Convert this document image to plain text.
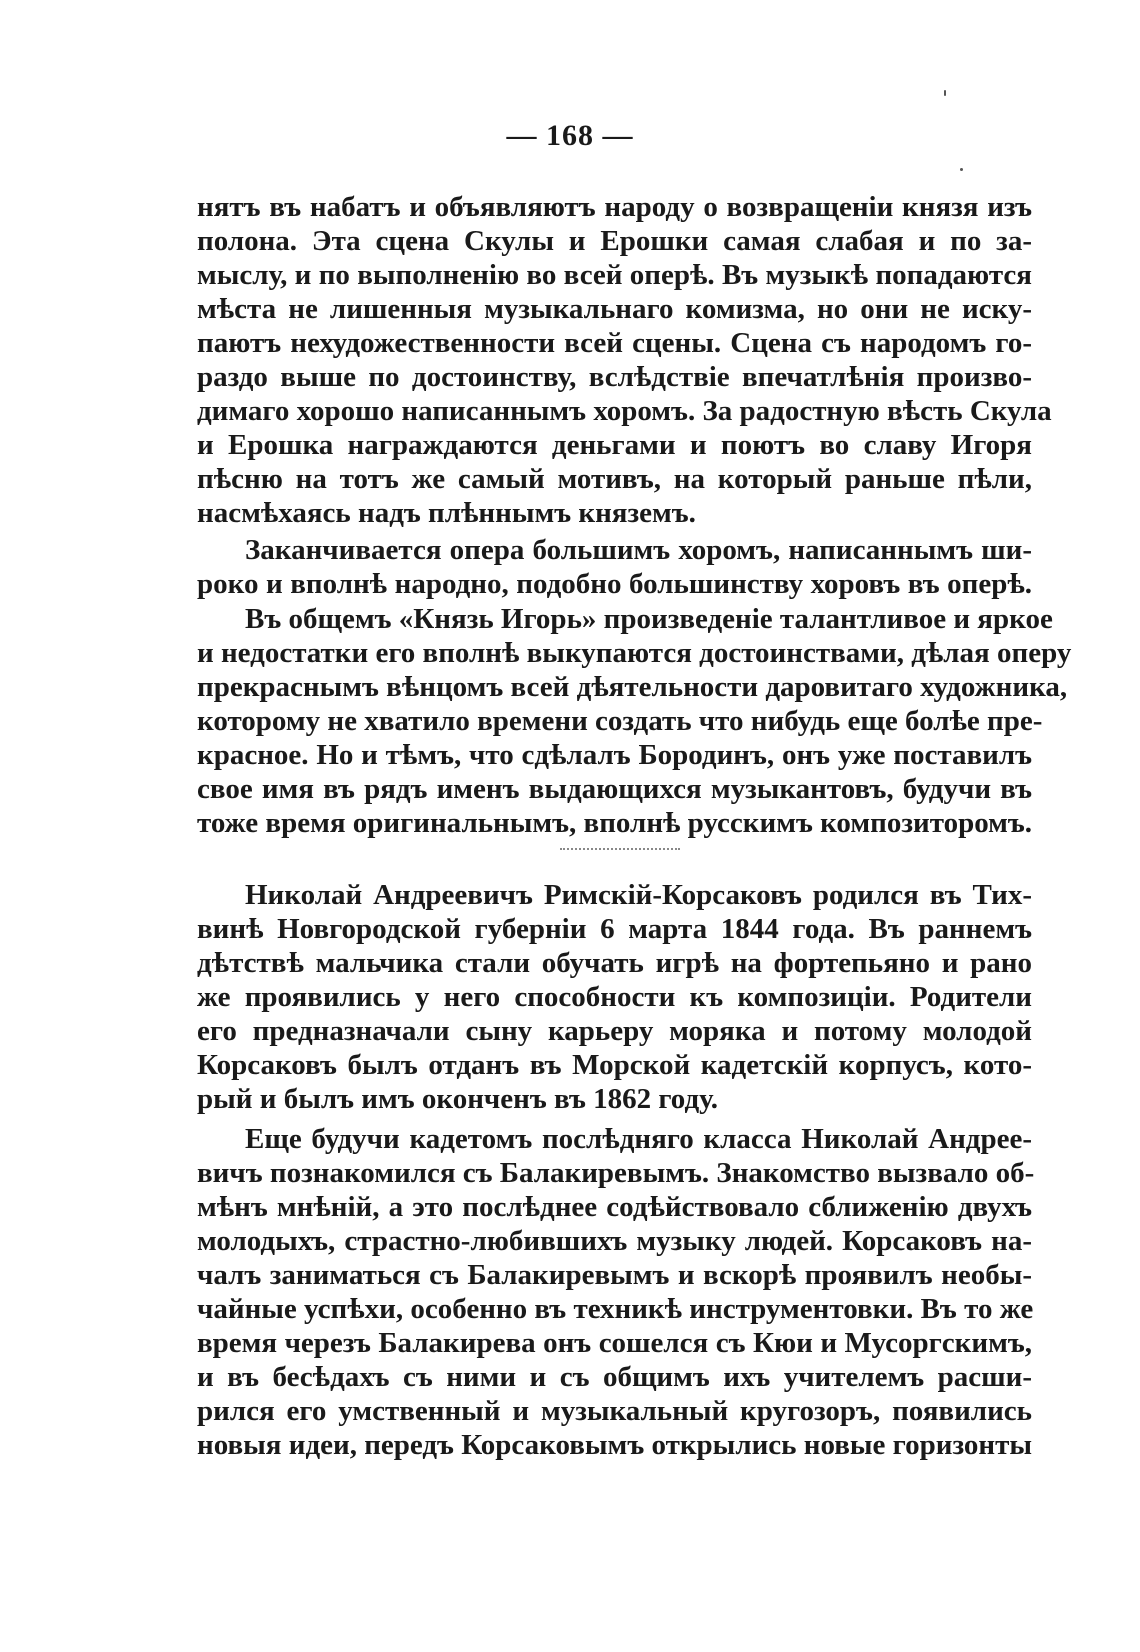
— 168 —
нятъ въ набатъ и объявляютъ народу о возвращенiи князя изъ
полона. Эта сцена Скулы и Ерошки самая слабая и по за-
мыслу, и по выполненiю во всей оперѣ. Въ музыкѣ попадаются
мѣста не лишенныя музыкальнаго комизма, но они не иску-
паютъ нехудожественности всей сцены. Сцена съ народомъ го-
раздо выше по достоинству, вслѣдствiе впечатлѣнiя произво-
димаго хорошо написаннымъ хоромъ. За радостную вѣсть Скула
и Ерошка награждаются деньгами и поютъ во славу Игоря
пѣсню на тотъ же самый мотивъ, на который раньше пѣли,
насмѣхаясь надъ плѣннымъ княземъ.
Заканчивается опера большимъ хоромъ, написаннымъ ши-
роко и вполнѣ народно, подобно большинству хоровъ въ оперѣ.
Въ общемъ «Князь Игорь» произведенiе талантливое и яркое
и недостатки его вполнѣ выкупаются достоинствами, дѣлая оперу
прекраснымъ вѣнцомъ всей дѣятельности даровитаго художника,
которому не хватило времени создать что нибудь еще болѣе пре-
красное. Но и тѣмъ, что сдѣлалъ Бородинъ, онъ уже поставилъ
свое имя въ рядъ именъ выдающихся музыкантовъ, будучи въ
тоже время оригинальнымъ, вполнѣ русскимъ композиторомъ.
Николай Андреевичъ Римскiй-Корсаковъ родился въ Тих-
винѣ Новгородской губернiи 6 марта 1844 года. Въ раннемъ
дѣтствѣ мальчика стали обучать игрѣ на фортепьяно и рано
же проявились у него способности къ композицiи. Родители
его предназначали сыну карьеру моряка и потому молодой
Корсаковъ былъ отданъ въ Морской кадетскiй корпусъ, кото-
рый и былъ имъ оконченъ въ 1862 году.
Еще будучи кадетомъ послѣдняго класса Николай Андрее-
вичъ познакомился съ Балакиревымъ. Знакомство вызвало об-
мѣнъ мнѣнiй, а это послѣднее содѣйствовало сближенiю двухъ
молодыхъ, страстно-любившихъ музыку людей. Корсаковъ на-
чалъ заниматься съ Балакиревымъ и вскорѣ проявилъ необы-
чайные успѣхи, особенно въ техникѣ инструментовки. Въ то же
время черезъ Балакирева онъ сошелся съ Кюи и Мусоргскимъ,
и въ бесѣдахъ съ ними и съ общимъ ихъ учителемъ расши-
рился его умственный и музыкальный кругозоръ, появились
новыя идеи, передъ Корсаковымъ открылись новые горизонты
